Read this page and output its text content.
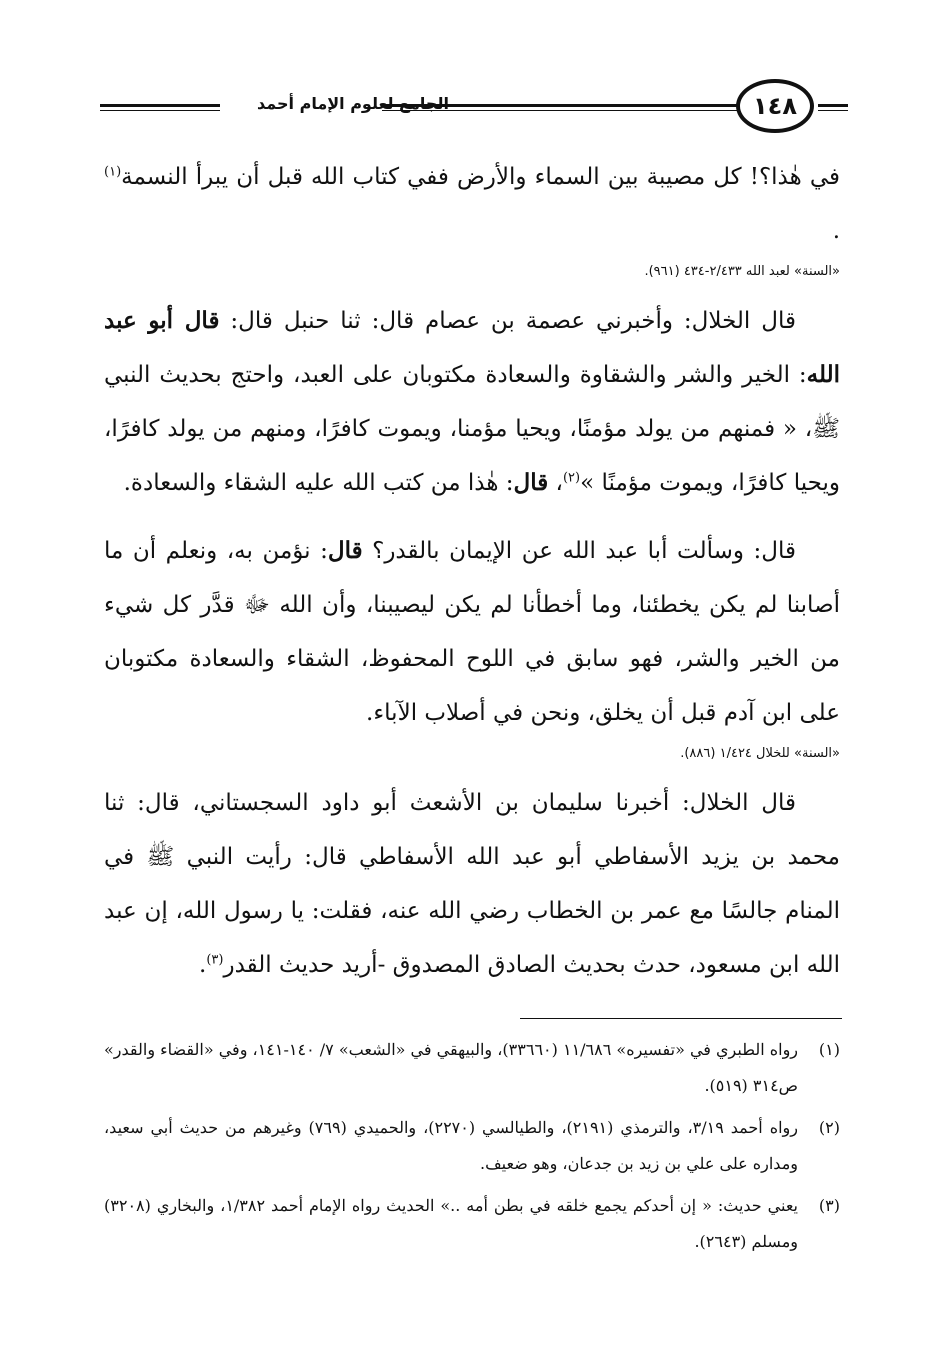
الجامع لعلوم الإمام أحمد	١٤٨

في هٰذا؟! كل مصيبة بين السماء والأرض ففي كتاب الله قبل أن يبرأ النسمة$^{(١)}$ .

«السنة» لعبد الله ٢/٤٣٣-٤٣٤ (٩٦١).

قال الخلال: وأخبرني عصمة بن عصام قال: ثنا حنبل قال: قال أبو عبد الله: الخير والشر والشقاوة والسعادة مكتوبان على العبد، واحتج بحديث النبي ﷺ، « فمنهم من يولد مؤمنًا، ويحيا مؤمنا، ويموت كافرًا، ومنهم من يولد كافرًا، ويحيا كافرًا، ويموت مؤمنًا »$^{(٢)}$، قال: هٰذا من كتب الله عليه الشقاء والسعادة.

قال: وسألت أبا عبد الله عن الإيمان بالقدر؟ قال: نؤمن به، ونعلم أن ما أصابنا لم يكن يخطئنا، وما أخطأنا لم يكن ليصيبنا، وأن الله ﷻ قدَّر كل شيء من الخير والشر، فهو سابق في اللوح المحفوظ، الشقاء والسعادة مكتوبان على ابن آدم قبل أن يخلق، ونحن في أصلاب الآباء.

«السنة» للخلال ١/٤٢٤ (٨٨٦).

قال الخلال: أخبرنا سليمان بن الأشعث أبو داود السجستاني، قال: ثنا محمد بن يزيد الأسفاطي أبو عبد الله الأسفاطي قال: رأيت النبي ﷺ في المنام جالسًا مع عمر بن الخطاب رضي الله عنه، فقلت: يا رسول الله، إن عبد الله ابن مسعود، حدث بحديث الصادق المصدوق -أريد حديث القدر$^{(٣)}$.

(١)
رواه الطبري في «تفسيره» ١١/٦٨٦ (٣٣٦٦٠)، والبيهقي في «الشعب» ٧/ ١٤٠-١٤١، وفي «القضاء والقدر» ص٣١٤ (٥١٩).
(٢)
رواه أحمد ٣/١٩، والترمذي (٢١٩١)، والطيالسي (٢٢٧٠)، والحميدي (٧٦٩) وغيرهم من حديث أبي سعيد، ومداره على علي بن زيد بن جدعان، وهو ضعيف.
(٣)
يعني حديث: « إن أحدكم يجمع خلقه في بطن أمه ..» الحديث رواه الإمام أحمد ١/٣٨٢، والبخاري (٣٢٠٨) ومسلم (٢٦٤٣).
